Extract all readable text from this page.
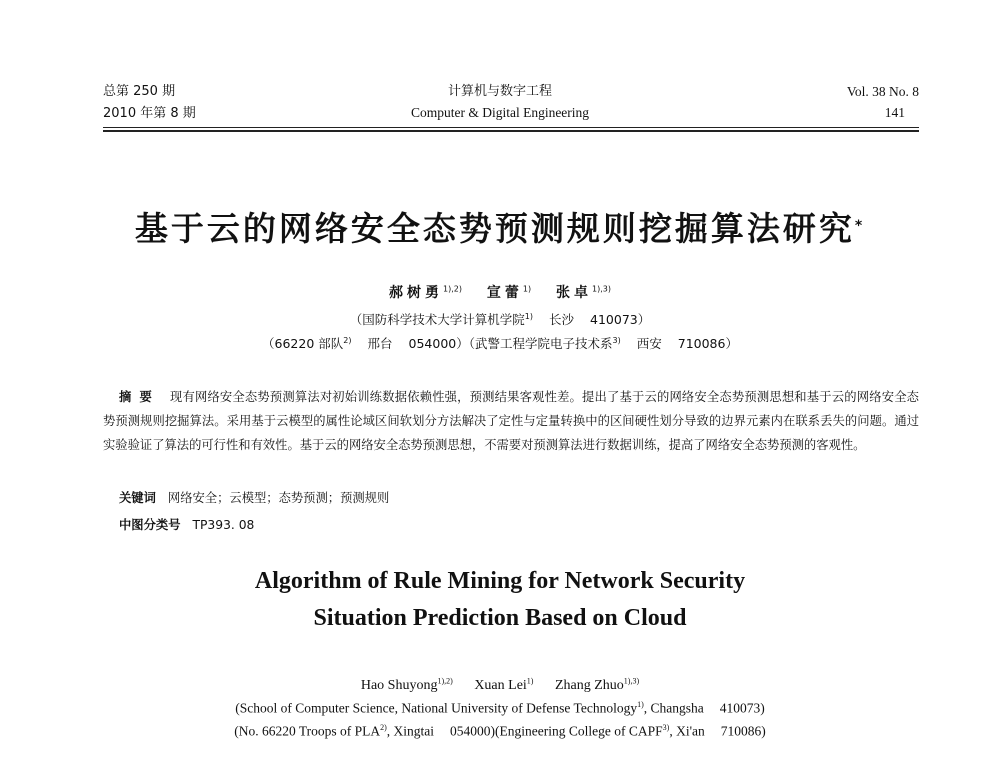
总第 250 期
2010 年第 8 期
计算机与数字工程
Computer & Digital Engineering
Vol. 38 No. 8
141
基于云的网络安全态势预测规则挖掘算法研究*
郝树勇$^{1),2)}$ 宣蕾$^{1)}$ 张卓$^{1),3)}$
（国防科学技术大学计算机学院$^{1)}$ 长沙 410073）
（66220 部队$^{2)}$ 邢台 054000）（武警工程学院电子技术系$^{3)}$ 西安 710086）
摘要 现有网络安全态势预测算法对初始训练数据依赖性强，预测结果客观性差。提出了基于云的网络安全态势预测思想和基于云的网络安全态势预测规则挖掘算法。采用基于云模型的属性论域区间软划分方法解决了定性与定量转换中的区间硬性划分导致的边界元素内在联系丢失的问题。通过实验验证了算法的可行性和有效性。基于云的网络安全态势预测思想，不需要对预测算法进行数据训练，提高了网络安全态势预测的客观性。
关键词 网络安全；云模型；态势预测；预测规则
中图分类号 TP393. 08
Algorithm of Rule Mining for Network Security
Situation Prediction Based on Cloud
Hao Shuyong$^{1),2)}$ Xuan Lei$^{1)}$ Zhang Zhuo$^{1),3)}$
(School of Computer Science, National University of Defense Technology$^{1)}$, Changsha 410073)
(No. 66220 Troops of PLA$^{2)}$, Xingtai 054000)(Engineering College of CAPF$^{3)}$, Xi'an 710086)
